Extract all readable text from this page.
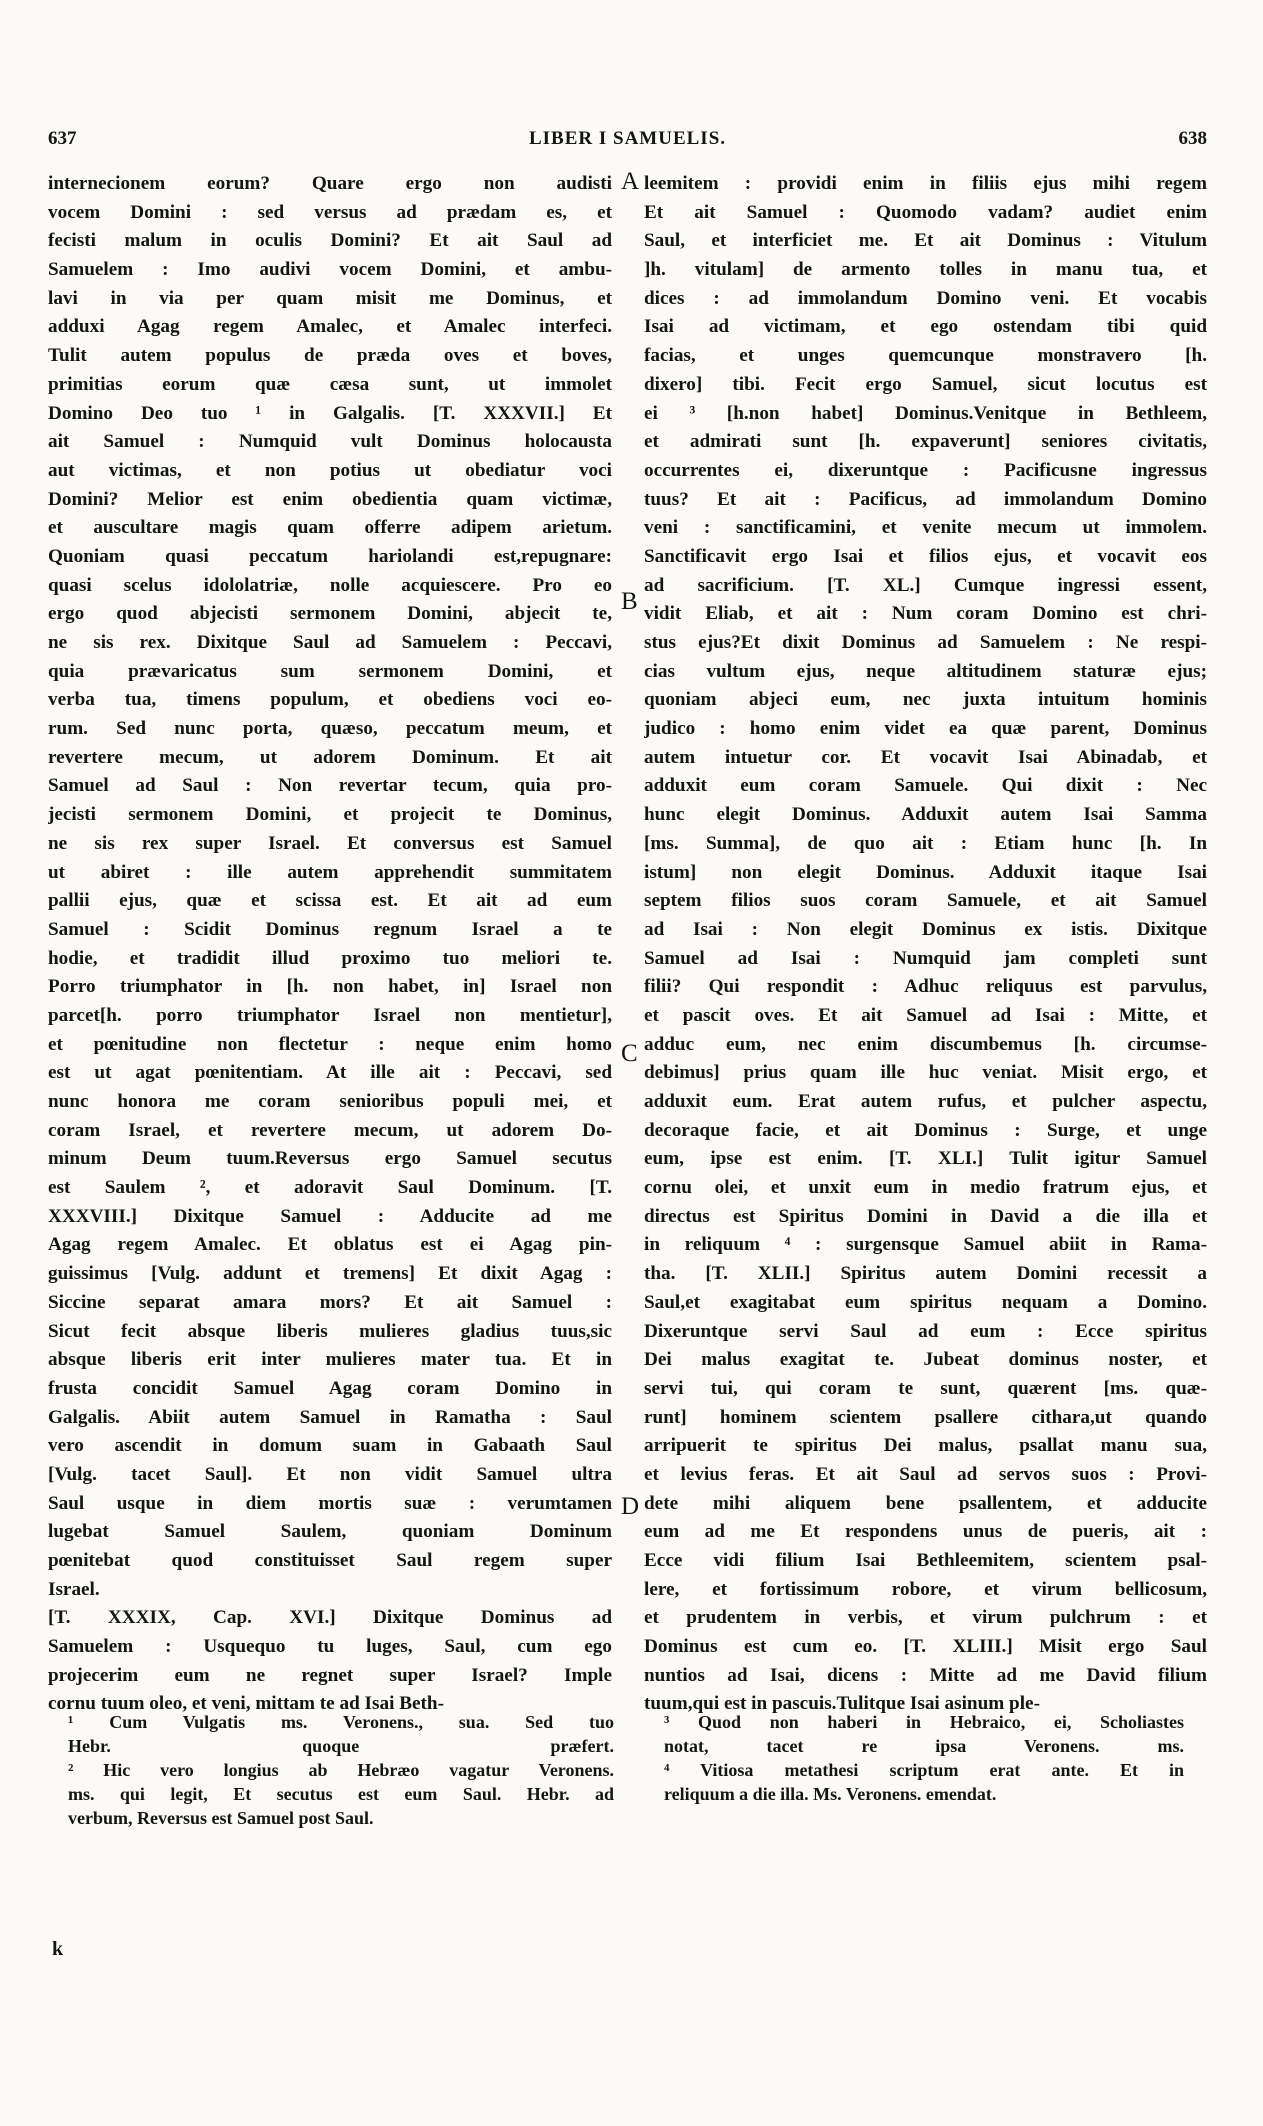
637	LIBER I SAMUELIS.	638
internecionem eorum? Quare ergo non audisti
vocem Domini : sed versus ad prædam es, et
fecisti malum in oculis Domini? Et ait Saul ad
Samuelem : Imo audivi vocem Domini, et ambu-
lavi in via per quam misit me Dominus, et
adduxi Agag regem Amalec, et Amalec interfeci.
Tulit autem populus de præda oves et boves,
primitias eorum quæ cæsa sunt, ut immolet
Domino Deo tuo ¹ in Galgalis. [T. XXXVII.] Et
ait Samuel : Numquid vult Dominus holocausta
aut victimas, et non potius ut obediatur voci
Domini? Melior est enim obedientia quam victimæ,
et auscultare magis quam offerre adipem arietum.
Quoniam quasi peccatum hariolandi est,repugnare:
quasi scelus idololatriæ, nolle acquiescere. Pro eo
ergo quod abjecisti sermonem Domini, abjecit te,
ne sis rex. Dixitque Saul ad Samuelem : Peccavi,
quia prævaricatus sum sermonem Domini, et
verba tua, timens populum, et obediens voci eo-
rum. Sed nunc porta, quæso, peccatum meum, et
revertere mecum, ut adorem Dominum. Et ait
Samuel ad Saul : Non revertar tecum, quia pro-
jecisti sermonem Domini, et projecit te Dominus,
ne sis rex super Israel. Et conversus est Samuel
ut abiret : ille autem apprehendit summitatem
pallii ejus, quæ et scissa est. Et ait ad eum
Samuel : Scidit Dominus regnum Israel a te
hodie, et tradidit illud proximo tuo meliori te.
Porro triumphator in [h. non habet, in] Israel non
parcet[h. porro triumphator Israel non mentietur],
et pœnitudine non flectetur : neque enim homo
est ut agat pœnitentiam. At ille ait : Peccavi, sed
nunc honora me coram senioribus populi mei, et
coram Israel, et revertere mecum, ut adorem Do-
minum Deum tuum.Reversus ergo Samuel secutus
est Saulem ², et adoravit Saul Dominum. [T.
XXXVIII.] Dixitque Samuel : Adducite ad me
Agag regem Amalec. Et oblatus est ei Agag pin-
guissimus [Vulg. addunt et tremens] Et dixit Agag :
Siccine separat amara mors? Et ait Samuel :
Sicut fecit absque liberis mulieres gladius tuus,sic
absque liberis erit inter mulieres mater tua. Et in
frusta concidit Samuel Agag coram Domino in
Galgalis. Abiit autem Samuel in Ramatha : Saul
vero ascendit in domum suam in Gabaath Saul
[Vulg. tacet Saul]. Et non vidit Samuel ultra
Saul usque in diem mortis suæ : verumtamen
lugebat Samuel Saulem, quoniam Dominum
pœnitebat quod constituisset Saul regem super
Israel.
[T. XXXIX, Cap. XVI.] Dixitque Dominus ad
Samuelem : Usquequo tu luges, Saul, cum ego
projecerim eum ne regnet super Israel? Imple
cornu tuum oleo, et veni, mittam te ad Isai Beth-
leemitem : providi enim in filiis ejus mihi regem
Et ait Samuel : Quomodo vadam? audiet enim
Saul, et interficiet me. Et ait Dominus : Vitulum
]h. vitulam] de armento tolles in manu tua, et
dices : ad immolandum Domino veni. Et vocabis
Isai ad victimam, et ego ostendam tibi quid
facias, et unges quemcunque monstravero [h.
dixero] tibi. Fecit ergo Samuel, sicut locutus est
ei ³ [h.non habet] Dominus.Venitque in Bethleem,
et admirati sunt [h. expaverunt] seniores civitatis,
occurrentes ei, dixeruntque : Pacificusne ingressus
tuus? Et ait : Pacificus, ad immolandum Domino
veni : sanctificamini, et venite mecum ut immolem.
Sanctificavit ergo Isai et filios ejus, et vocavit eos
ad sacrificium. [T. XL.] Cumque ingressi essent,
vidit Eliab, et ait : Num coram Domino est chri-
stus ejus?Et dixit Dominus ad Samuelem : Ne respi-
cias vultum ejus, neque altitudinem staturæ ejus;
quoniam abjeci eum, nec juxta intuitum hominis
judico : homo enim videt ea quæ parent, Dominus
autem intuetur cor. Et vocavit Isai Abinadab, et
adduxit eum coram Samuele. Qui dixit : Nec
hunc elegit Dominus. Adduxit autem Isai Samma
[ms. Summa], de quo ait : Etiam hunc [h. In
istum] non elegit Dominus. Adduxit itaque Isai
septem filios suos coram Samuele, et ait Samuel
ad Isai : Non elegit Dominus ex istis. Dixitque
Samuel ad Isai : Numquid jam completi sunt
filii? Qui respondit : Adhuc reliquus est parvulus,
et pascit oves. Et ait Samuel ad Isai : Mitte, et
adduc eum, nec enim discumbemus [h. circumse-
debimus] prius quam ille huc veniat. Misit ergo, et
adduxit eum. Erat autem rufus, et pulcher aspectu,
decoraque facie, et ait Dominus : Surge, et unge
eum, ipse est enim. [T. XLI.] Tulit igitur Samuel
cornu olei, et unxit eum in medio fratrum ejus, et
directus est Spiritus Domini in David a die illa et
in reliquum ⁴ : surgensque Samuel abiit in Rama-
tha. [T. XLII.] Spiritus autem Domini recessit a
Saul,et exagitabat eum spiritus nequam a Domino.
Dixeruntque servi Saul ad eum : Ecce spiritus
Dei malus exagitat te. Jubeat dominus noster, et
servi tui, qui coram te sunt, quærent [ms. quæ-
runt] hominem scientem psallere cithara,ut quando
arripuerit te spiritus Dei malus, psallat manu sua,
et levius feras. Et ait Saul ad servos suos : Provi-
dete mihi aliquem bene psallentem, et adducite
eum ad me Et respondens unus de pueris, ait :
Ecce vidi filium Isai Bethleemitem, scientem psal-
lere, et fortissimum robore, et virum bellicosum,
et prudentem in verbis, et virum pulchrum : et
Dominus est cum eo. [T. XLIII.] Misit ergo Saul
nuntios ad Isai, dicens : Mitte ad me David filium
tuum,qui est in pascuis.Tulitque Isai asinum ple-
A
B
C
D
¹ Cum Vulgatis ms. Veronens., sua. Sed tuo
Hebr. quoque præfert.
² Hic vero longius ab Hebræo vagatur Veronens.
ms. qui legit, Et secutus est eum Saul. Hebr. ad
verbum, Reversus est Samuel post Saul.
³ Quod non haberi in Hebraico, ei, Scholiastes
notat, tacet re ipsa Veronens. ms.
⁴ Vitiosa metathesi scriptum erat ante. Et in
reliquum a die illa. Ms. Veronens. emendat.
k
